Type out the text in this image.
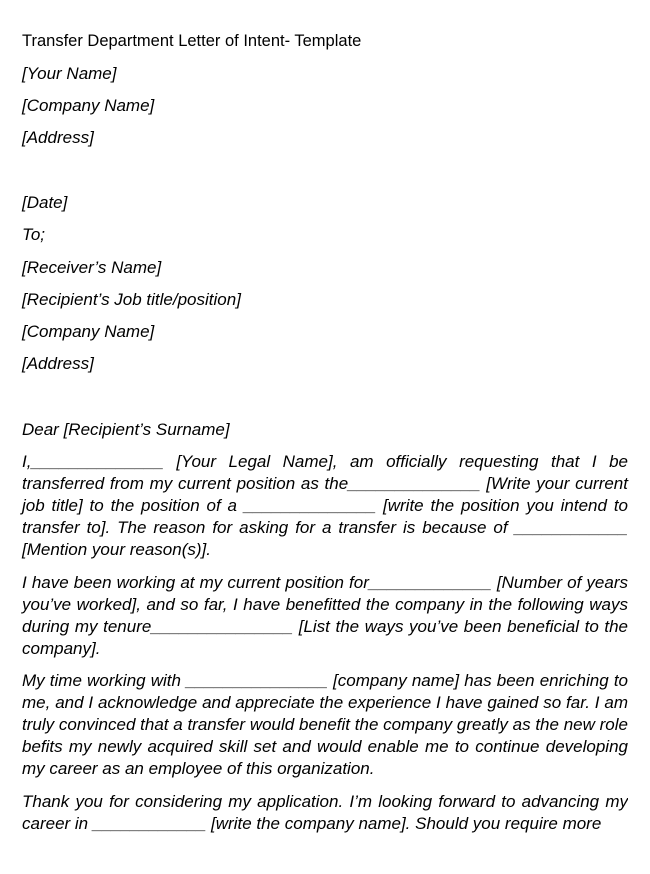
Transfer Department Letter of Intent- Template
[Your Name]
[Company Name]
[Address]
[Date]
To;
[Receiver’s Name]
[Recipient’s Job title/position]
[Company Name]
[Address]
Dear [Recipient’s Surname]
I,______________ [Your Legal Name], am officially requesting that I be transferred from my current position as the______________ [Write your current job title] to the position of a ______________ [write the position you intend to transfer to]. The reason for asking for a transfer is because of ____________ [Mention your reason(s)].
I have been working at my current position for_____________ [Number of years you’ve worked], and so far, I have benefitted the company in the following ways during my tenure_______________ [List the ways you’ve been beneficial to the company].
My time working with _______________ [company name] has been enriching to me, and I acknowledge and appreciate the experience I have gained so far. I am truly convinced that a transfer would benefit the company greatly as the new role befits my newly acquired skill set and would enable me to continue developing my career as an employee of this organization.
Thank you for considering my application. I’m looking forward to advancing my career in ____________ [write the company name]. Should you require more
